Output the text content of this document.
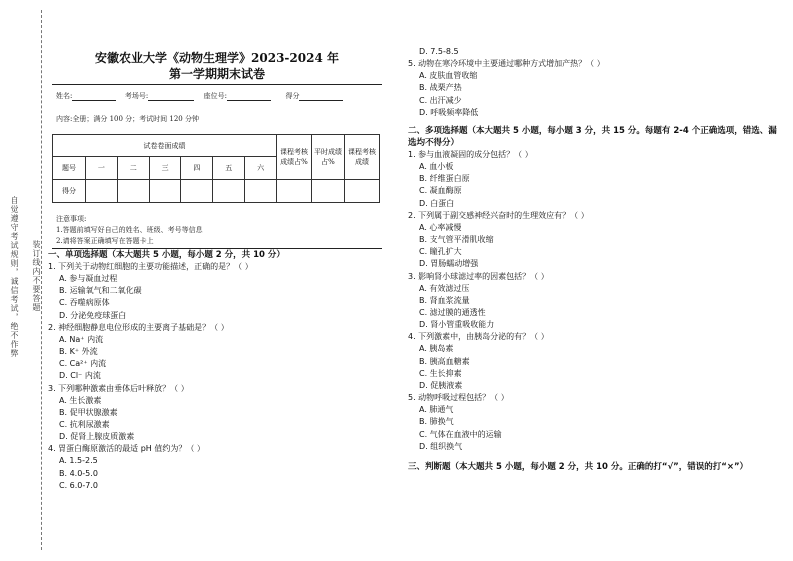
自觉遵守考试规则，诚信考试，绝不作弊 装订线内不要答题
安徽农业大学《动物生理学》2023-2024 年
第一学期期末试卷
姓名:	考场号:	座位号:	得分
内容:全册；满分 100 分；考试时间 120 分钟
试卷卷面成绩							课程考核成绩占%	平时成绩占%	课程考核成绩
题号	一	二	三	四	五	六			
得分									
注意事项:
1.答题前填写好自己的姓名、班级、考号等信息
2.请将答案正确填写在答题卡上
一、单项选择题（本大题共 5 小题，每小题 2 分，共 10 分）
1. 下列关于动物红细胞的主要功能描述，正确的是？（ ）
A. 参与凝血过程
B. 运输氧气和二氧化碳
C. 吞噬病原体
D. 分泌免疫球蛋白
2. 神经细胞静息电位形成的主要离子基础是？（ ）
A. Na⁺ 内流
B. K⁺ 外流
C. Ca²⁺ 内流
D. Cl⁻ 内流
3. 下列哪种激素由垂体后叶释放？（ ）
A. 生长激素
B. 促甲状腺激素
C. 抗利尿激素
D. 促肾上腺皮质激素
4. 胃蛋白酶原激活的最适 pH 值约为？（ ）
A. 1.5-2.5
B. 4.0-5.0
C. 6.0-7.0
D. 7.5-8.5
5. 动物在寒冷环境中主要通过哪种方式增加产热？（ ）
A. 皮肤血管收缩
B. 战栗产热
C. 出汗减少
D. 呼吸频率降低
二、多项选择题（本大题共 5 小题，每小题 3 分，共 15 分。每题有 2-4 个正确选项，错选、漏选均不得分）
1. 参与血液凝固的成分包括？（ ）
A. 血小板
B. 纤维蛋白原
C. 凝血酶原
D. 白蛋白
2. 下列属于副交感神经兴奋时的生理效应有？（ ）
A. 心率减慢
B. 支气管平滑肌收缩
C. 瞳孔扩大
D. 胃肠蠕动增强
3. 影响肾小球滤过率的因素包括？（ ）
A. 有效滤过压
B. 肾血浆流量
C. 滤过膜的通透性
D. 肾小管重吸收能力
4. 下列激素中，由胰岛分泌的有？（ ）
A. 胰岛素
B. 胰高血糖素
C. 生长抑素
D. 促胰液素
5. 动物呼吸过程包括？（ ）
A. 肺通气
B. 肺换气
C. 气体在血液中的运输
D. 组织换气
三、判断题（本大题共 5 小题，每小题 2 分，共 10 分。正确的打“√”，错误的打“×”）
